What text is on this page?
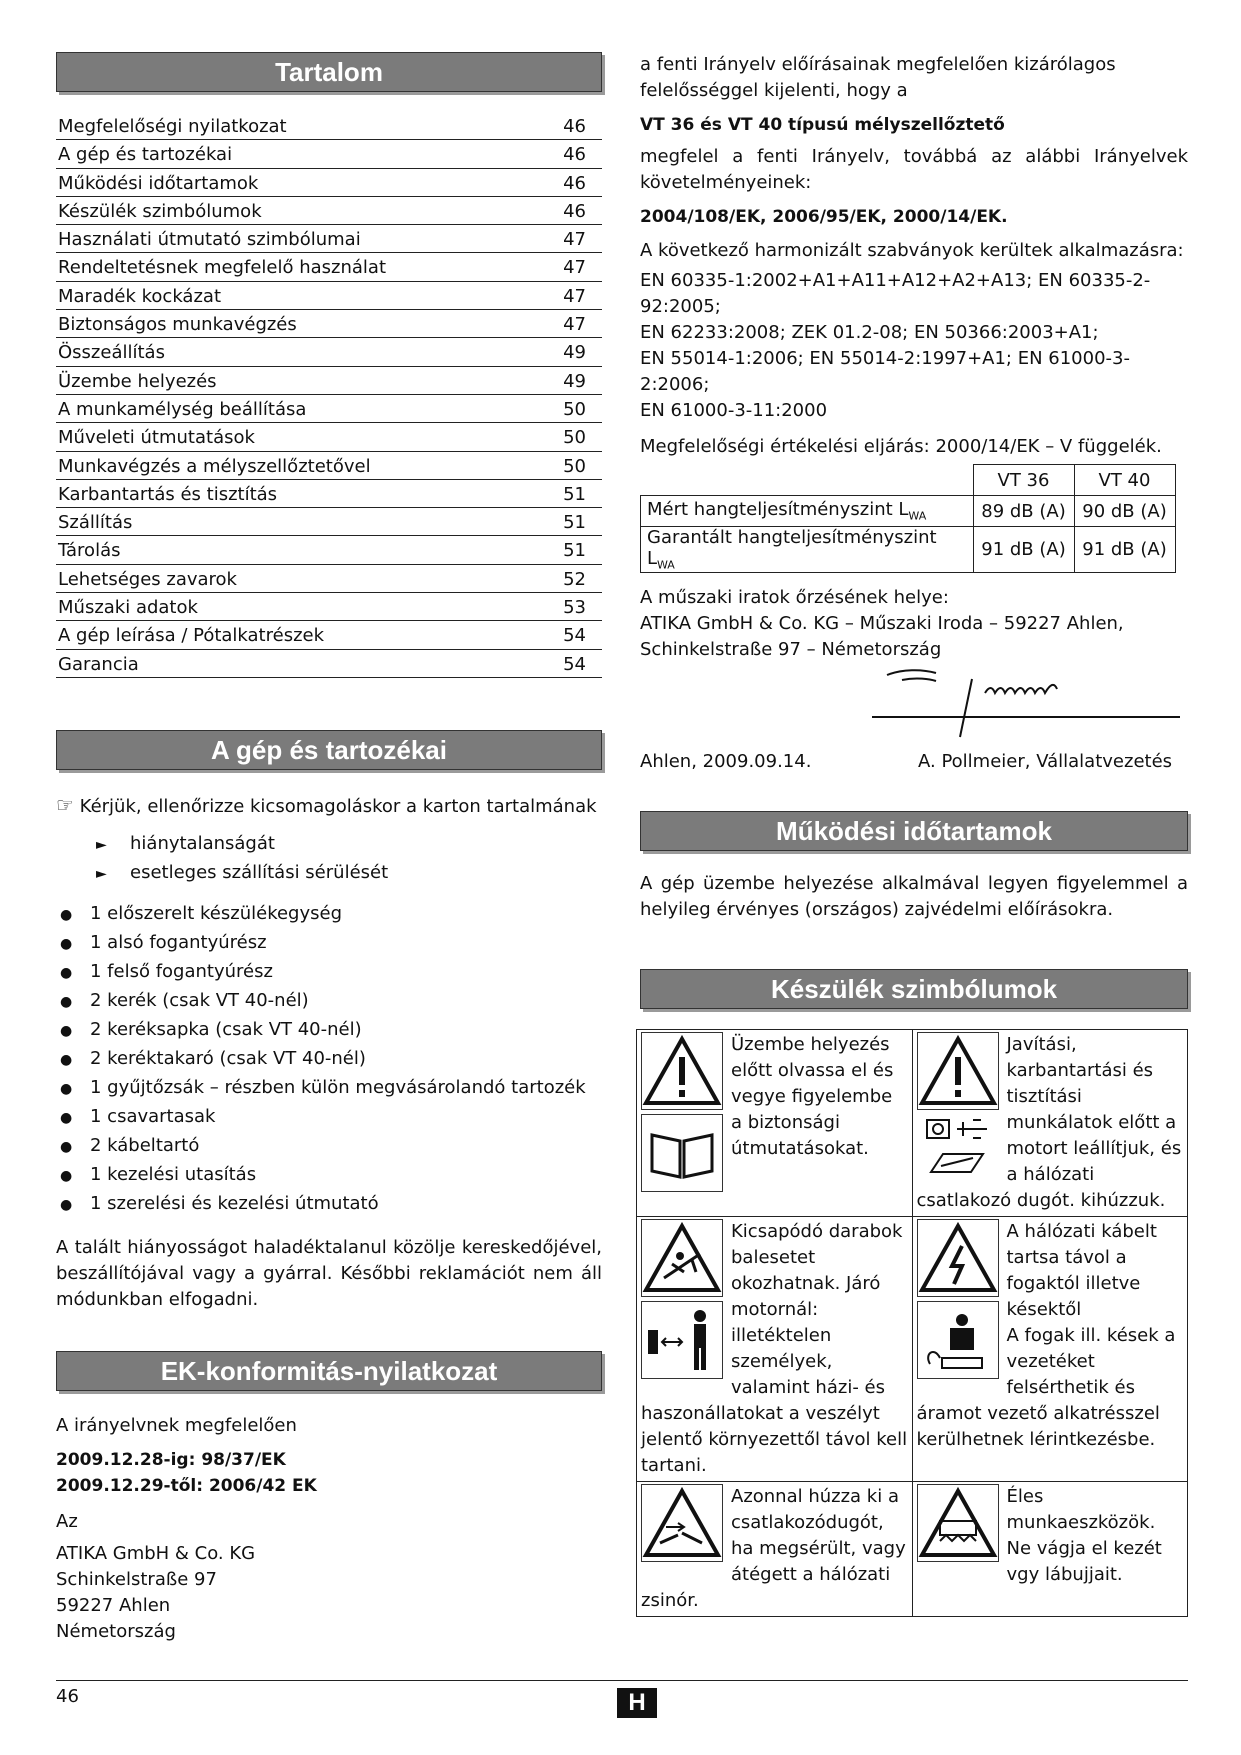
Tartalom
Megfelelőségi nyilatkozat	46
A gép és tartozékai	46
Működési időtartamok	46
Készülék szimbólumok	46
Használati útmutató szimbólumai	47
Rendeltetésnek megfelelő használat	47
Maradék kockázat	47
Biztonságos munkavégzés	47
Összeállítás	49
Üzembe helyezés	49
A munkamélység beállítása	50
Műveleti útmutatások	50
Munkavégzés a mélyszellőztetővel	50
Karbantartás és tisztítás	51
Szállítás	51
Tárolás	51
Lehetséges zavarok	52
Műszaki adatok	53
A gép leírása / Pótalkatrészek	54
Garancia	54
A gép és tartozékai
☞ Kérjük, ellenőrizze kicsomagoláskor a karton tartalmának
► hiánytalanságát
► esetleges szállítási sérülését
● 1 előszerelt készülékegység
● 1 alsó fogantyúrész
● 1 felső fogantyúrész
● 2 kerék (csak VT 40-nél)
● 2 keréksapka (csak VT 40-nél)
● 2 keréktakaró (csak VT 40-nél)
● 1 gyűjtőzsák – részben külön megvásárolandó tartozék
● 1 csavartasak
● 2 kábeltartó
● 1 kezelési utasítás
● 1 szerelési és kezelési útmutató

A talált hiányosságot haladéktalanul közölje kereskedőjével, beszállítójával vagy a gyárral. Későbbi reklamációt nem áll módunkban elfogadni.

EK-konformitás-nyilatkozat

A irányelvnek megfelelően

2009.12.28-ig: 98/37/EK

2009.12.29-től: 2006/42 EK

Az

ATIKA GmbH & Co. KG

Schinkelstraße 97

59227 Ahlen

Németország

a fenti Irányelv előírásainak megfelelően kizárólagos felelősséggel kijelenti, hogy a

VT 36 és VT 40 típusú mélyszellőztető

megfelel a fenti Irányelv, továbbá az alábbi Irányelvek követelményeinek:

2004/108/EK, 2006/95/EK, 2000/14/EK.

A következő harmonizált szabványok kerültek alkalmazásra:

EN 60335-1:2002+A1+A11+A12+A2+A13; EN 60335-2-92:2005;

EN 62233:2008; ZEK 01.2-08; EN 50366:2003+A1;

EN 55014-1:2006; EN 55014-2:1997+A1; EN 61000-3-2:2006;

EN 61000-3-11:2000

Megfelelőségi értékelési eljárás: 2000/14/EK – V függelék.

	VT 36	VT 40
Mért hangteljesítményszint $L_{WA}$	89 dB (A)	90 dB (A)
Garantált hangteljesítményszint $L_{WA}$	91 dB (A)	91 dB (A)

A műszaki iratok őrzésének helye:

ATIKA GmbH & Co. KG – Műszaki Iroda – 59227 Ahlen,

Schinkelstraße 97 – Németország

Ahlen, 2009.09.14.	A. Pollmeier, Vállalatvezetés
Működési időtartamok

A gép üzembe helyezése alkalmával legyen figyelemmel a helyileg érvényes (országos) zajvédelmi előírásokra.

Készülék szimbólumok
Üzembe helyezés előtt olvassa el és vegye figyelembe a biztonsági útmutatásokat.	Javítási, karbantartási és tisztítási munkálatok előtt a motort leállítjuk, és a hálózati csatlakozó dugót. kihúzzuk.

Kicsapódó darabok balesetet okozhatnak. Járó motornál: illetéktelen személyek, valamint házi- és haszonállatokat a veszélyt jelentő környezettől távol kell tartani.	A hálózati kábelt tartsa távol a fogaktól illetve késektől
A fogak ill. kések a vezetéket felsérthetik és áramot vezető alkatrésszel kerülhetnek lérintkezésbe.

Azonnal húzza ki a csatlakozódugót, ha megsérült, vagy átégett a hálózati zsinór.	Éles munkaeszközök. Ne vágja el kezét vgy lábujjait.
46	H
